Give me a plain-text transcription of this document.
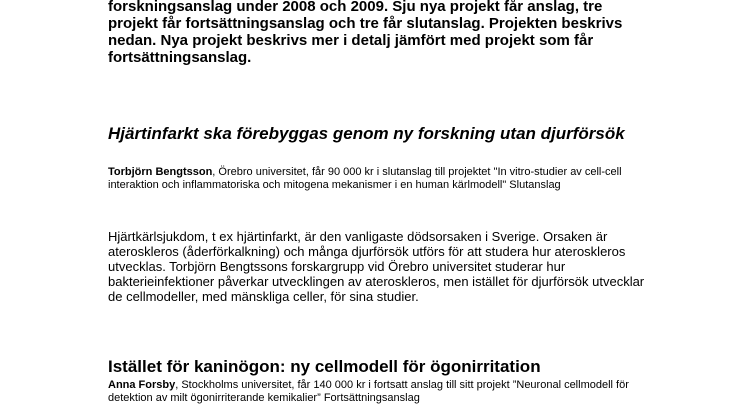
forskningsanslag under 2008 och 2009. Sju nya projekt får anslag, tre projekt får fortsättningsanslag och tre får slutanslag. Projekten beskrivs nedan. Nya projekt beskrivs mer i detalj jämfört med projekt som får fortsättningsanslag.

Hjärtinfarkt ska förebyggas genom ny forskning utan djurförsök

Torbjörn Bengtsson, Örebro universitet, får 90 000 kr i slutanslag till projektet "In vitro-studier av cell-cell interaktion och inflammatoriska och mitogena mekanismer i en human kärlmodell" Slutanslag

Hjärtkärlsjukdom, t ex hjärtinfarkt, är den vanligaste dödsorsaken i Sverige. Orsaken är ateroskleros (åderförkalkning) och många djurförsök utförs för att studera hur ateroskleros utvecklas. Torbjörn Bengtssons forskargrupp vid Örebro universitet studerar hur bakterieinfektioner påverkar utvecklingen av ateroskleros, men istället för djurförsök utvecklar de cellmodeller, med mänskliga celler, för sina studier.

Istället för kaninögon: ny cellmodell för ögonirritation

Anna Forsby, Stockholms universitet, får 140 000 kr i fortsatt anslag till sitt projekt ”Neuronal cellmodell för detektion av milt ögonirriterande kemikalier” Fortsättningsanslag
